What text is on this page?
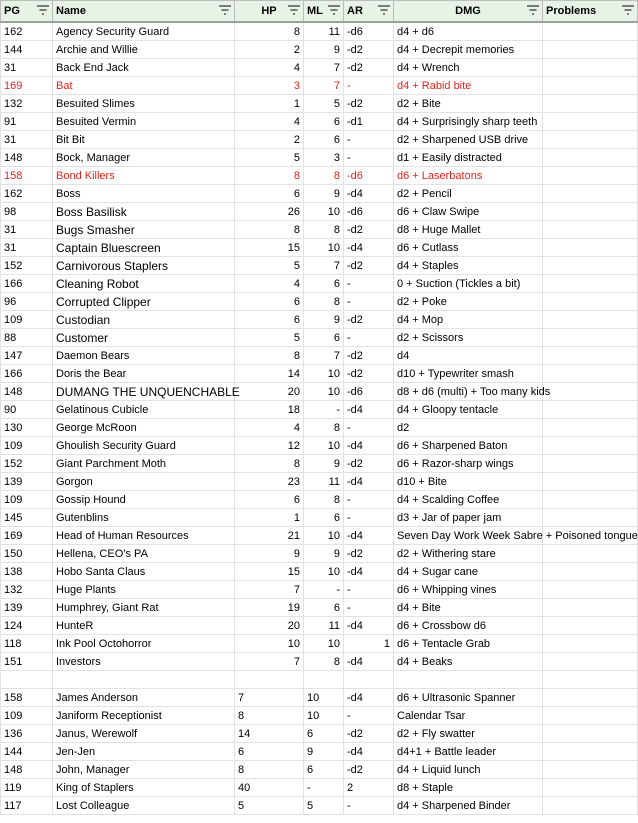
PG	Name	HP	ML	AR	DMG	Problems

162	Agency Security Guard	8	11	-d6	d4 + d6	
144	Archie and Willie	2	9	-d2	d4 + Decrepit memories	
31	Back End Jack	4	7	-d2	d4 + Wrench	
169	Bat	3	7	-	d4 + Rabid bite	
132	Besuited Slimes	1	5	-d2	d2 + Bite	
91	Besuited Vermin	4	6	-d1	d4 + Surprisingly sharp teeth	
31	Bit Bit	2	6	-	d2 + Sharpened USB drive	
148	Bock, Manager	5	3	-	d1 + Easily distracted	
158	Bond Killers	8	8	-d6	d6 + Laserbatons	
162	Boss	6	9	-d4	d2 + Pencil	
98	Boss Basilisk	26	10	-d6	d6 + Claw Swipe	
31	Bugs Smasher	8	8	-d2	d8 + Huge Mallet	
31	Captain Bluescreen	15	10	-d4	d6 + Cutlass	
152	Carnivorous Staplers	5	7	-d2	d4 + Staples	
166	Cleaning Robot	4	6	-	0 + Suction (Tickles a bit)	
96	Corrupted Clipper	6	8	-	d2 + Poke	
109	Custodian	6	9	-d2	d4 + Mop	
88	Customer	5	6	-	d2 + Scissors	
147	Daemon Bears	8	7	-d2	d4	
166	Doris the Bear	14	10	-d2	d10 + Typewriter smash	
148	DUMANG THE UNQUENCHABLE	20	10	-d6	d8 + d6 (multi) + Too many kids	
90	Gelatinous Cubicle	18	-	-d4	d4 + Gloopy tentacle	
130	George McRoon	4	8	-	d2	
109	Ghoulish Security Guard	12	10	-d4	d6 + Sharpened Baton	
152	Giant Parchment Moth	8	9	-d2	d6 + Razor-sharp wings	
139	Gorgon	23	11	-d4	d10 + Bite	
109	Gossip Hound	6	8	-	d4 + Scalding Coffee	
145	Gutenblins	1	6	-	d3 + Jar of paper jam	
169	Head of Human Resources	21	10	-d4	Seven Day Work Week Sabre + Poisoned tongue	
150	Hellena, CEO’s PA	9	9	-d2	d2 + Withering stare	
138	Hobo Santa Claus	15	10	-d4	d4 + Sugar cane	
132	Huge Plants	7	-	-	d6 + Whipping vines	
139	Humphrey, Giant Rat	19	6	-	d4 + Bite	
124	HunteR	20	11	-d4	d6 + Crossbow d6	
118	Ink Pool Octohorror	10	10	1	d6 + Tentacle Grab	
151	Investors	7	8	-d4	d4 + Beaks	

158	James Anderson	7	10	-d4	d6 + Ultrasonic Spanner	
109	Janiform Receptionist	8	10	-	Calendar Tsar	
136	Janus, Werewolf	14	6	-d2	d2 + Fly swatter	
144	Jen-Jen	6	9	-d4	d4+1 + Battle leader	
148	John, Manager	8	6	-d2	d4 + Liquid lunch	
119	King of Staplers	40	-	2	d8 + Staple	
117	Lost Colleague	5	5	-	d4 + Sharpened Binder	
